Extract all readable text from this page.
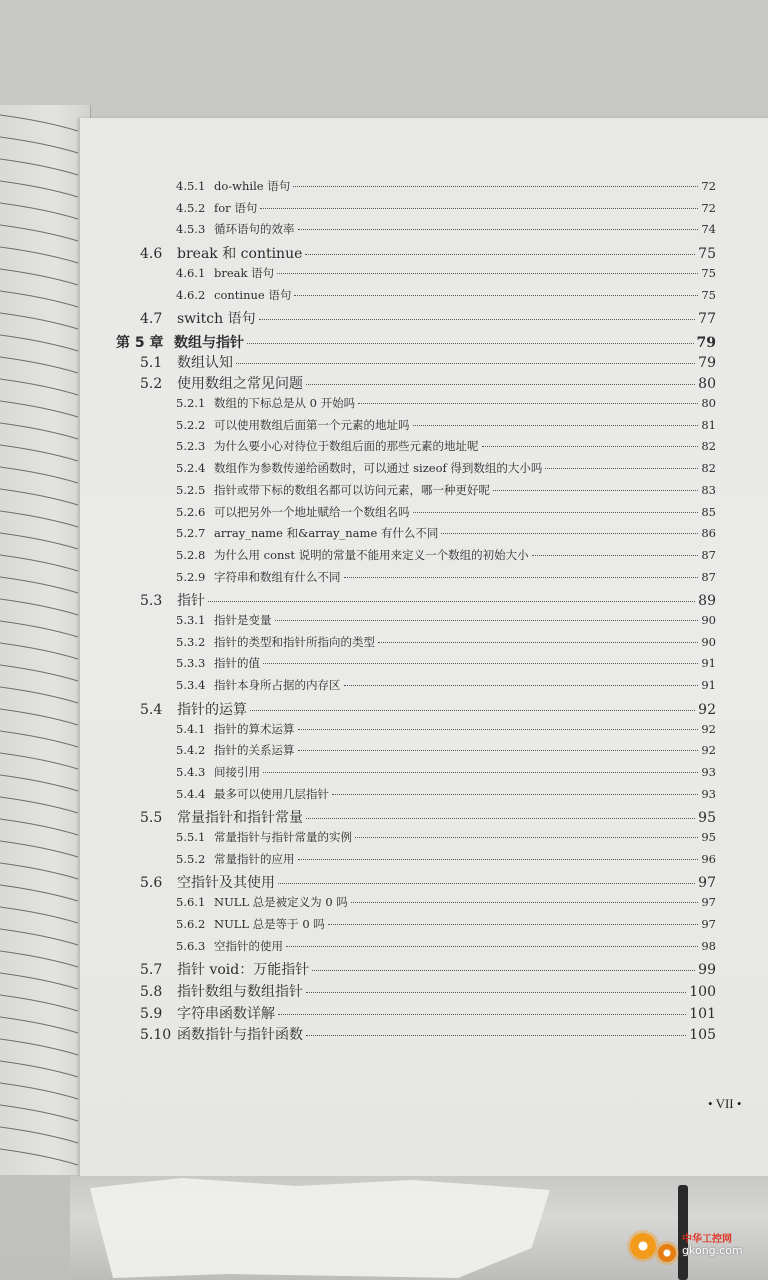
4.5.1 do-while 语句	72
4.5.2 for 语句	72
4.5.3 循环语句的效率	74
4.6	break 和 continue	75
4.6.1 break 语句	75
4.6.2 continue 语句	75
4.7	switch 语句	77
第 5 章 数组与指针	79
5.1	数组认知	79
5.2	使用数组之常见问题	80
5.2.1 数组的下标总是从 0 开始吗	80
5.2.2 可以使用数组后面第一个元素的地址吗	81
5.2.3 为什么要小心对待位于数组后面的那些元素的地址呢	82
5.2.4 数组作为参数传递给函数时，可以通过 sizeof 得到数组的大小吗	82
5.2.5 指针或带下标的数组名都可以访问元素，哪一种更好呢	83
5.2.6 可以把另外一个地址赋给一个数组名吗	85
5.2.7 array_name 和&array_name 有什么不同	86
5.2.8 为什么用 const 说明的常量不能用来定义一个数组的初始大小	87
5.2.9 字符串和数组有什么不同	87
5.3	指针	89
5.3.1 指针是变量	90
5.3.2 指针的类型和指针所指向的类型	90
5.3.3 指针的值	91
5.3.4 指针本身所占据的内存区	91
5.4	指针的运算	92
5.4.1 指针的算术运算	92
5.4.2 指针的关系运算	92
5.4.3 间接引用	93
5.4.4 最多可以使用几层指针	93
5.5	常量指针和指针常量	95
5.5.1 常量指针与指针常量的实例	95
5.5.2 常量指针的应用	96
5.6	空指针及其使用	97
5.6.1 NULL 总是被定义为 0 吗	97
5.6.2 NULL 总是等于 0 吗	97
5.6.3 空指针的使用	98
5.7	指针 void：万能指针	99
5.8	指针数组与数组指针	100
5.9	字符串函数详解	101
5.10 函数指针与指针函数	105
• VII •
中华工控网
gkong.com
